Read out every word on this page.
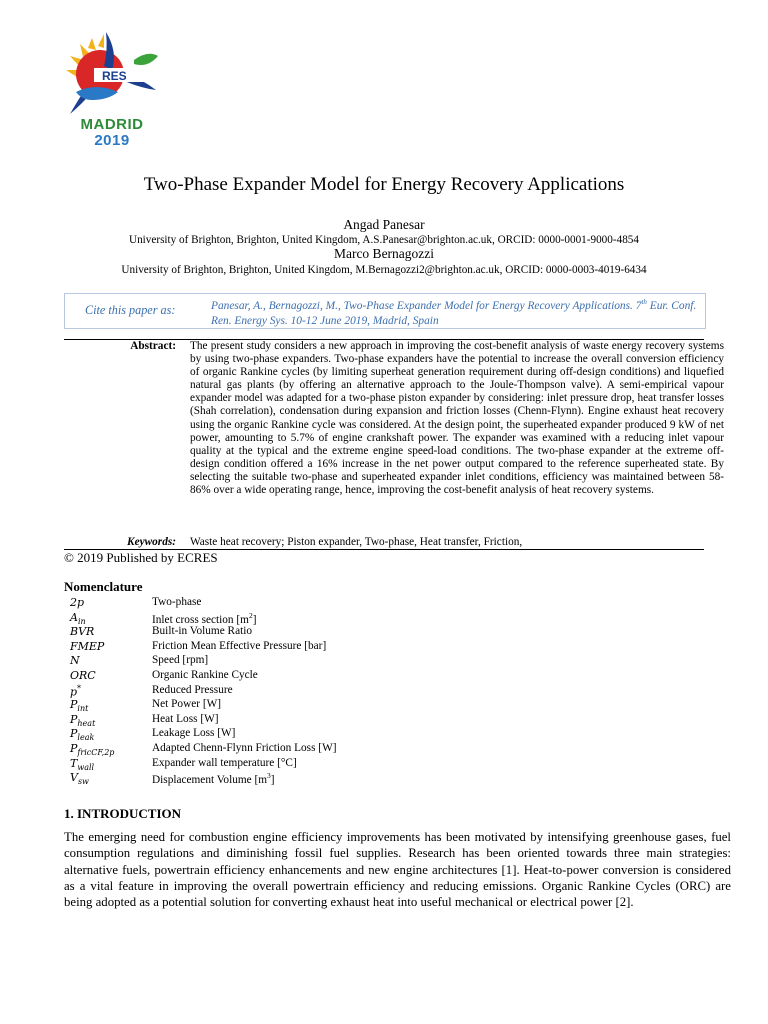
RES
MADRID
2019
Two-Phase Expander Model for Energy Recovery Applications
Angad Panesar
University of Brighton, Brighton, United Kingdom, A.S.Panesar@brighton.ac.uk, ORCID: 0000-0001-9000-4854
Marco Bernagozzi
University of Brighton, Brighton, United Kingdom, M.Bernagozzi2@brighton.ac.uk, ORCID: 0000-0003-4019-6434
Cite this paper as:	Panesar, A., Bernagozzi, M., Two-Phase Expander Model for Energy Recovery Applications. 7th Eur. Conf. Ren. Energy Sys. 10-12 June 2019, Madrid, Spain
Abstract: The present study considers a new approach in improving the cost-benefit analysis of waste energy recovery systems by using two-phase expanders. Two-phase expanders have the potential to increase the overall conversion efficiency of organic Rankine cycles (by limiting superheat generation requirement during off-design conditions) and liquefied natural gas plants (by offering an alternative approach to the Joule-Thompson valve). A semi-empirical vapour expander model was adapted for a two-phase piston expander by considering: inlet pressure drop, heat transfer losses (Shah correlation), condensation during expansion and friction losses (Chenn-Flynn). Engine exhaust heat recovery using the organic Rankine cycle was considered. At the design point, the superheated expander produced 9 kW of net power, amounting to 5.7% of engine crankshaft power. The expander was examined with a reducing inlet vapour quality at the typical and the extreme engine speed-load conditions. The two-phase expander at the extreme off-design condition offered a 16% increase in the net power output compared to the reference superheated state. By selecting the suitable two-phase and superheated expander inlet conditions, efficiency was maintained between 58-86% over a wide operating range, hence, improving the cost-benefit analysis of heat recovery systems.
Keywords: Waste heat recovery; Piston expander, Two-phase, Heat transfer, Friction,
© 2019 Published by ECRES
Nomenclature
2p	Two-phase
$A_{in}$	Inlet cross section $[m^2]$
BVR	Built-in Volume Ratio
FMEP	Friction Mean Effective Pressure [bar]
N	Speed [rpm]
ORC	Organic Rankine Cycle
p*	Reduced Pressure
$P_{int}$	Net Power [W]
$P_{heat}$	Heat Loss [W]
$P_{leak}$	Leakage Loss [W]
$P_{fricCF,2p}$	Adapted Chenn-Flynn Friction Loss [W]
$T_{wall}$	Expander wall temperature [°C]
$V_{sw}$	Displacement Volume $[m^3]$
1. INTRODUCTION
The emerging need for combustion engine efficiency improvements has been motivated by intensifying greenhouse gases, fuel consumption regulations and diminishing fossil fuel supplies. Research has been oriented towards three main strategies: alternative fuels, powertrain efficiency enhancements and new engine architectures [1]. Heat-to-power conversion is considered as a vital feature in improving the overall powertrain efficiency and reducing emissions. Organic Rankine Cycles (ORC) are being adopted as a potential solution for converting exhaust heat into useful mechanical or electrical power [2].
